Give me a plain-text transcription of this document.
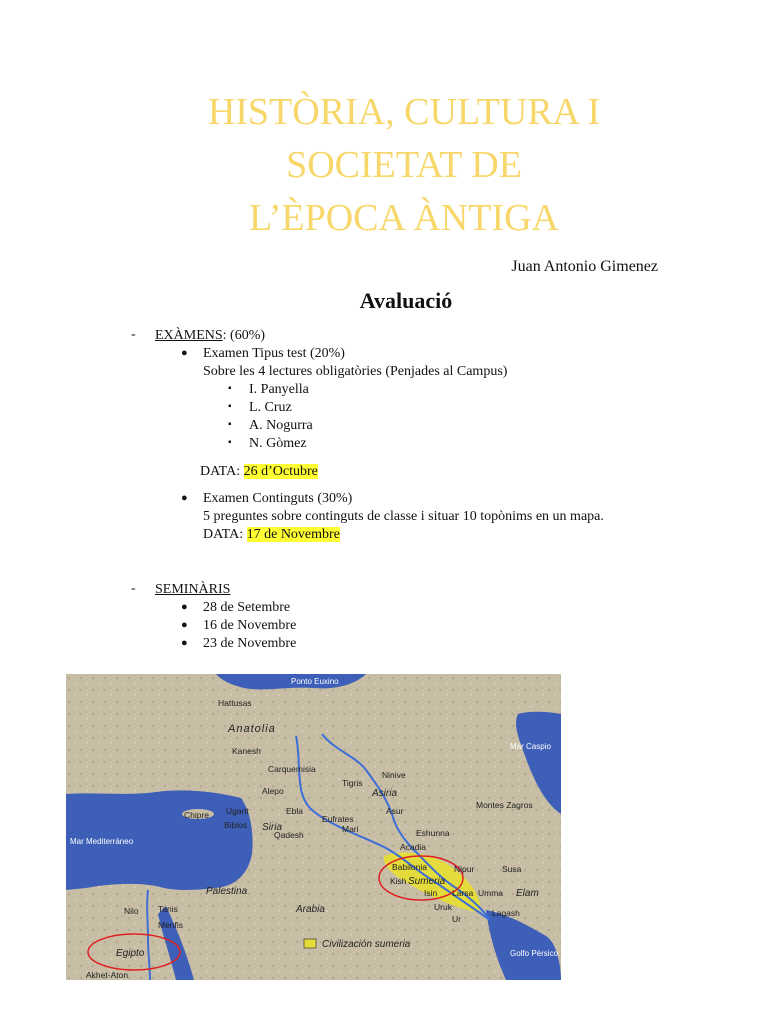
HISTÒRIA, CULTURA I
SOCIETAT DE
L’ÈPOCA ÀNTIGA
Juan Antonio Gimenez
Avaluació
- EXÀMENS: (60%)
● Examen Tipus test (20%)
Sobre les 4 lectures obligatòries (Penjades al Campus)
▪ I. Panyella
▪ L. Cruz
▪ A. Nogurra
▪ N. Gòmez
DATA: 26 d’Octubre
● Examen Continguts (30%)
5 preguntes sobre continguts de classe i situar 10 topònims en un mapa.
DATA: 17 de Novembre
- SEMINÀRIS
● 28 de Setembre
● 16 de Novembre
● 23 de Novembre
Ponto Euxino
Mar Caspio
Mar Mediterráneo
Golfo Pérsico
Anatolia
Asiria
Siria
Palestina
Arabia
Elam
Sumeria
Egipto
Chipre
Hattusas
Kanesh
Carquemisia
Tigris
Ninive
Alepo
Ugarit	Ebla
Biblos
Qadesh
Eufrates
Mari
Asur
Montes Zagros
Eshunna
Acadia
Babilonia	Nipur
Kish
Isin Larsa Umma
Susa
Uruk
Ur
Lagash
Nilo Tanis
Menfis
Akhet-Aton
Civilización sumeria
